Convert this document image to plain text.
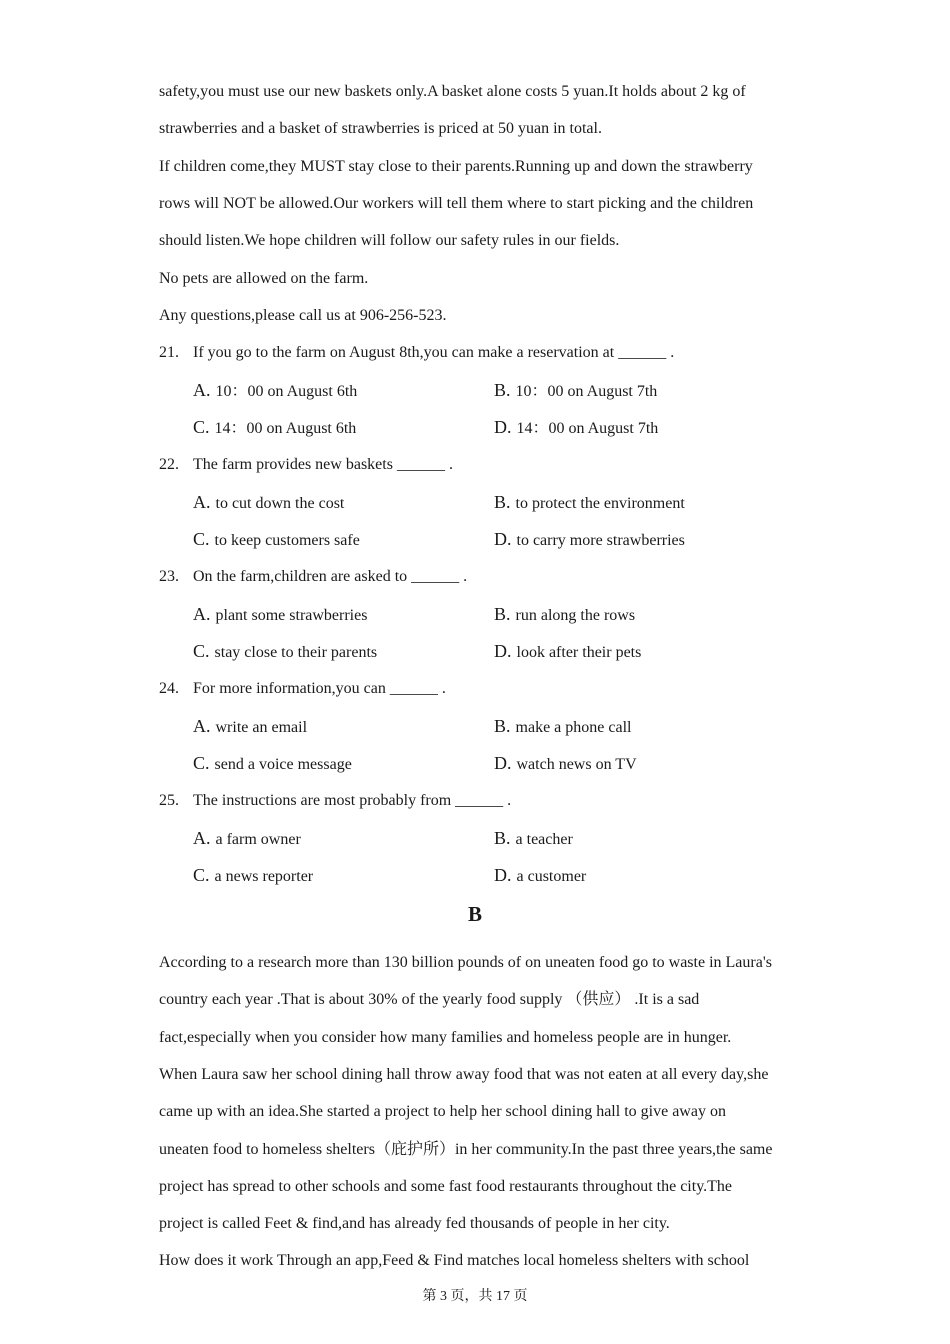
safety,you must use our new baskets only.A basket alone costs 5 yuan.It holds about 2 kg of
strawberries and a basket of strawberries is priced at 50 yuan in total.
If children come,they MUST stay close to their parents.Running up and down the strawberry
rows will NOT be allowed.Our workers will tell them where to start picking and the children
should listen.We hope children will follow our safety rules in our fields.
No pets are allowed on the farm.
Any questions,please call us at 906-256-523.
21. If you go to the farm on August 8th,you can make a reservation at ______ .
A. 10：00 on August 6th	B. 10：00 on August 7th
C. 14：00 on August 6th	D. 14：00 on August 7th
22. The farm provides new baskets ______ .
A. to cut down the cost	B. to protect the environment
C. to keep customers safe	D. to carry more strawberries
23. On the farm,children are asked to ______ .
A. plant some strawberries	B. run along the rows
C. stay close to their parents	D. look after their pets
24. For more information,you can ______ .
A. write an email	B. make a phone call
C. send a voice message	D. watch news on TV
25. The instructions are most probably from ______ .
A. a farm owner	B. a teacher
C. a news reporter	D. a customer
B
According to a research more than 130 billion pounds of on uneaten food go to waste in Laura's
country each year .That is about 30% of the yearly food supply （供应） .It is a sad
fact,especially when you consider how many families and homeless people are in hunger.
When Laura saw her school dining hall throw away food that was not eaten at all every day,she
came up with an idea.She started a project to help her school dining hall to give away on
uneaten food to homeless shelters（庇护所）in her community.In the past three years,the same
project has spread to other schools and some fast food restaurants throughout the city.The
project is called Feet & find,and has already fed thousands of people in her city.
How does it work Through an app,Feed & Find matches local homeless shelters with school
第 3 页，共 17 页
